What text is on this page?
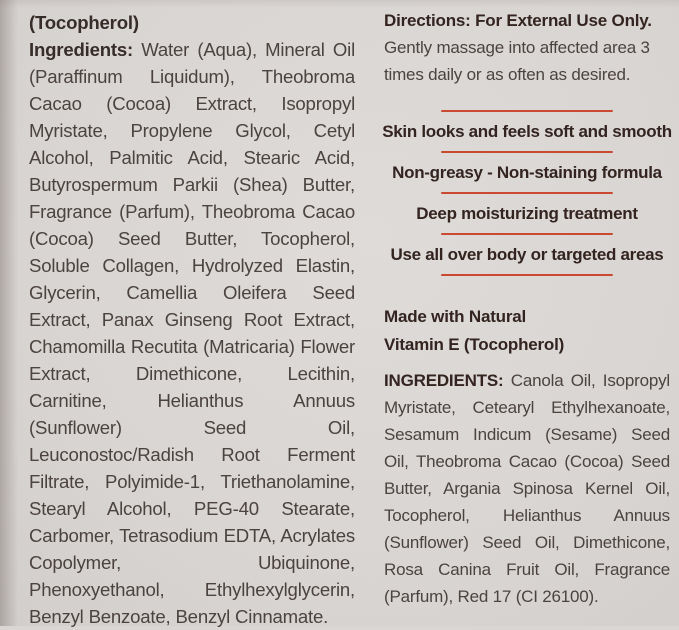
(Tocopherol)
Ingredients: Water (Aqua), Mineral Oil (Paraffinum Liquidum), Theobroma Cacao (Cocoa) Extract, Isopropyl Myristate, Propylene Glycol, Cetyl Alcohol, Palmitic Acid, Stearic Acid, Butyrospermum Parkii (Shea) Butter, Fragrance (Parfum), Theobroma Cacao (Cocoa) Seed Butter, Tocopherol, Soluble Collagen, Hydrolyzed Elastin, Glycerin, Camellia Oleifera Seed Extract, Panax Ginseng Root Extract, Chamomilla Recutita (Matricaria) Flower Extract, Dimethicone, Lecithin, Carnitine, Helianthus Annuus (Sunflower) Seed Oil, Leuconostoc/Radish Root Ferment Filtrate, Polyimide-1, Triethanolamine, Stearyl Alcohol, PEG-40 Stearate, Carbomer, Tetrasodium EDTA, Acrylates Copolymer, Ubiquinone, Phenoxyethanol, Ethylhexylglycerin, Benzyl Benzoate, Benzyl Cinnamate.
Directions: For External Use Only.
Gently massage into affected area 3 times daily or as often as desired.
Skin looks and feels soft and smooth
Non-greasy - Non-staining formula
Deep moisturizing treatment
Use all over body or targeted areas
Made with Natural
Vitamin E (Tocopherol)
INGREDIENTS: Canola Oil, Isopropyl Myristate, Cetearyl Ethylhexanoate, Sesamum Indicum (Sesame) Seed Oil, Theobroma Cacao (Cocoa) Seed Butter, Argania Spinosa Kernel Oil, Tocopherol, Helianthus Annuus (Sunflower) Seed Oil, Dimethicone, Rosa Canina Fruit Oil, Fragrance (Parfum), Red 17 (CI 26100).
